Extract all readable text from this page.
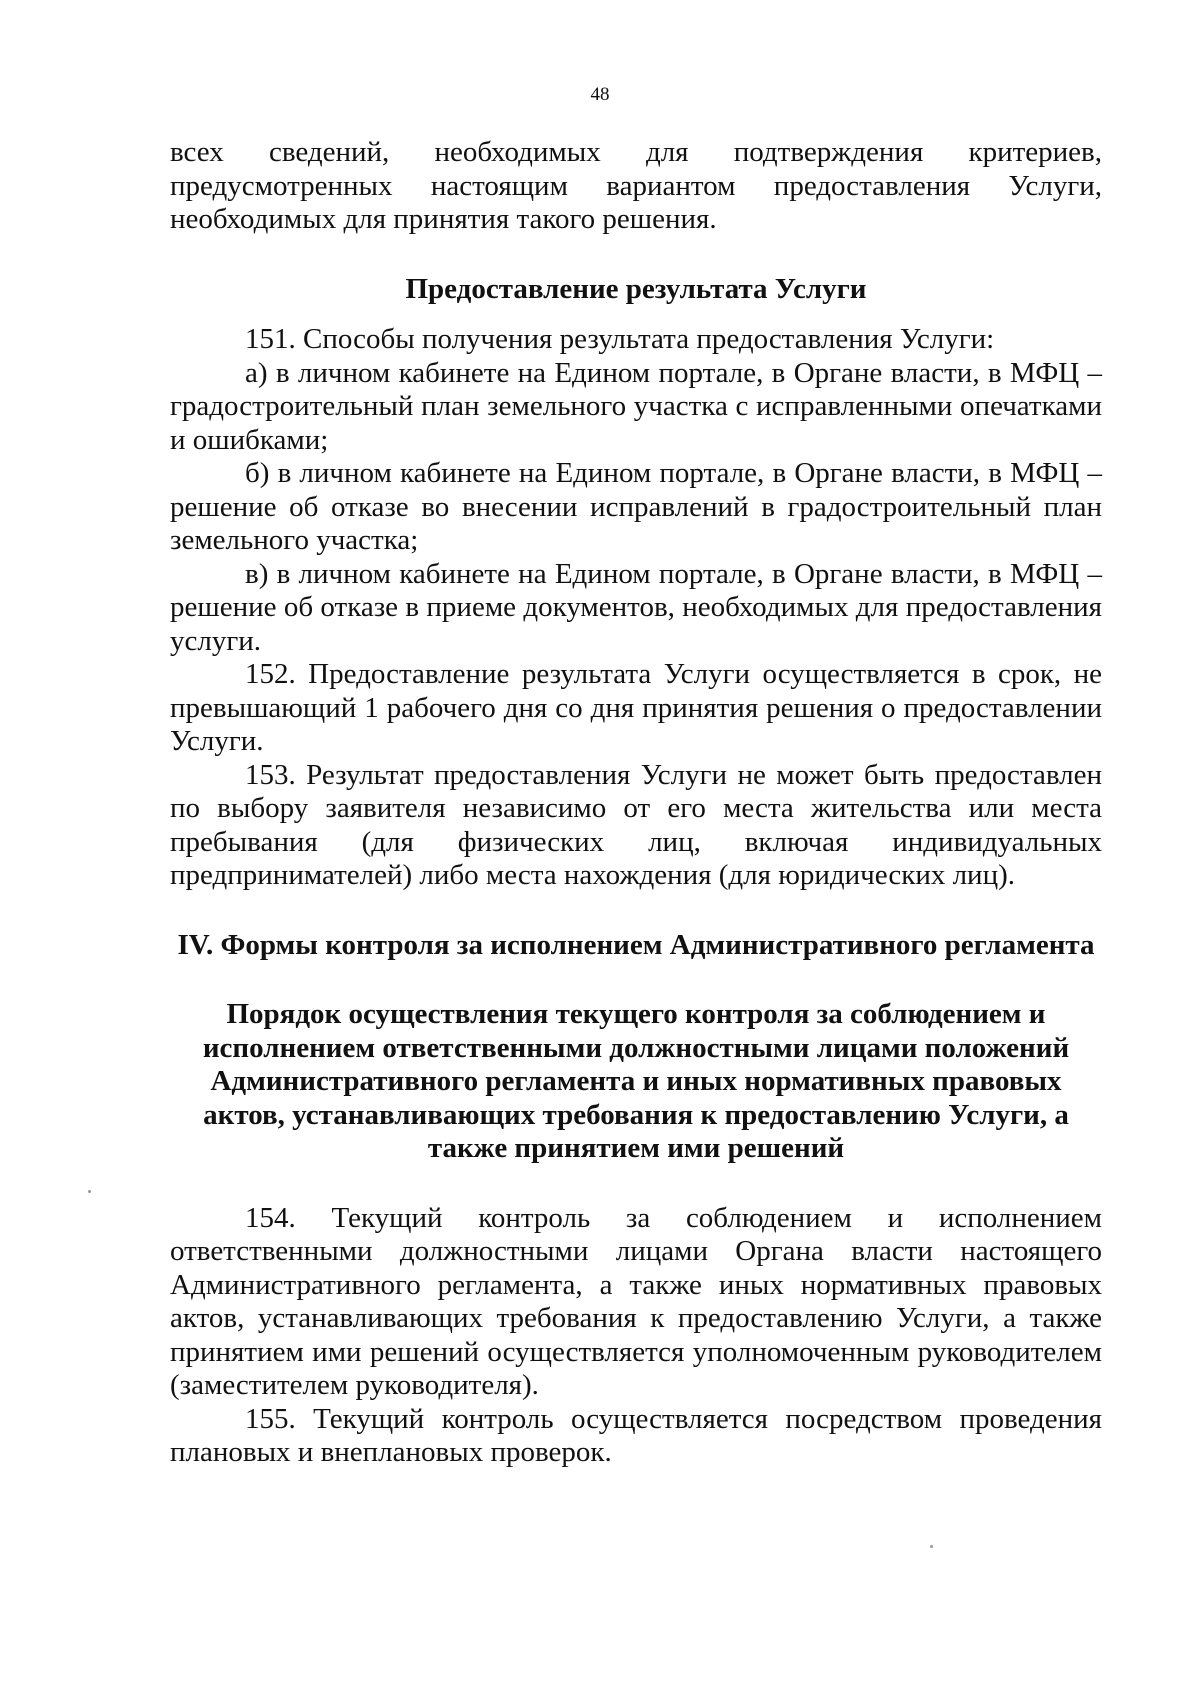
48

всех сведений, необходимых для подтверждения критериев, предусмотренных настоящим вариантом предоставления Услуги, необходимых для принятия такого решения.

Предоставление результата Услуги

151. Способы получения результата предоставления Услуги:

а) в личном кабинете на Едином портале, в Органе власти, в МФЦ – градостроительный план земельного участка с исправленными опечатками и ошибками;

б) в личном кабинете на Едином портале, в Органе власти, в МФЦ – решение об отказе во внесении исправлений в градостроительный план земельного участка;

в) в личном кабинете на Едином портале, в Органе власти, в МФЦ – решение об отказе в приеме документов, необходимых для предоставления услуги.

152. Предоставление результата Услуги осуществляется в срок, не превышающий 1 рабочего дня со дня принятия решения о предоставлении Услуги.

153. Результат предоставления Услуги не может быть предоставлен по выбору заявителя независимо от его места жительства или места пребывания (для физических лиц, включая индивидуальных предпринимателей) либо места нахождения (для юридических лиц).

IV. Формы контроля за исполнением Административного регламента

Порядок осуществления текущего контроля за соблюдением и исполнением ответственными должностными лицами положений Административного регламента и иных нормативных правовых актов, устанавливающих требования к предоставлению Услуги, а также принятием ими решений

154. Текущий контроль за соблюдением и исполнением ответственными должностными лицами Органа власти настоящего Административного регламента, а также иных нормативных правовых актов, устанавливающих требования к предоставлению Услуги, а также принятием ими решений осуществляется уполномоченным руководителем (заместителем руководителя).

155. Текущий контроль осуществляется посредством проведения плановых и внеплановых проверок.
